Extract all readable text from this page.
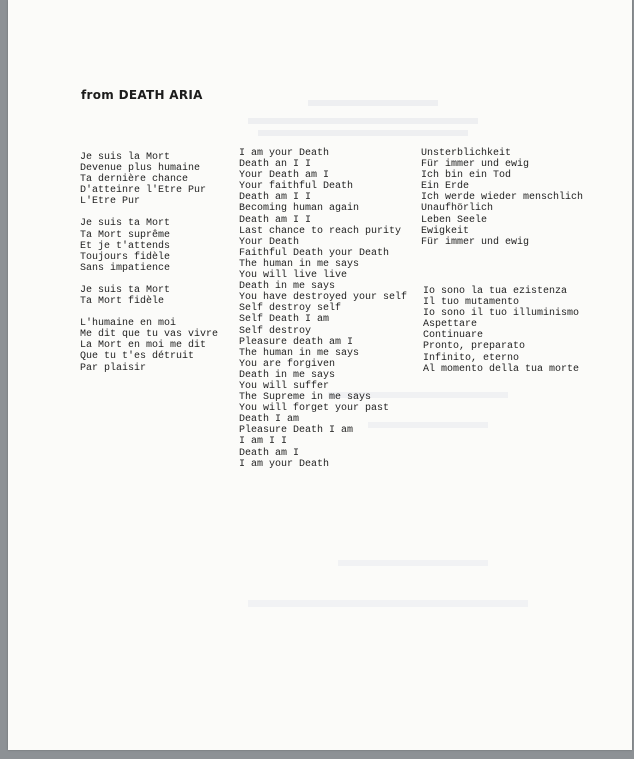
from DEATH ARIA
Je suis la Mort
Devenue plus humaine
Ta dernière chance
D'atteinre l'Etre Pur
L'Etre Pur
Je suis ta Mort
Ta Mort suprême
Et je t'attends
Toujours fidèle
Sans impatience
Je suis ta Mort
Ta Mort fidèle
L'humaine en moi
Me dit que tu vas vivre
La Mort en moi me dit
Que tu t'es détruit
Par plaisir
I am your Death
Death an I I
Your Death am I
Your faithful Death
Death am I I
Becoming human again
Death am I I
Last chance to reach purity
Your Death
Faithful Death your Death
The human in me says
You will live live
Death in me says
You have destroyed your self
Self destroy self
Self Death I am
Self destroy
Pleasure death am I
The human in me says
You are forgiven
Death in me says
You will suffer
The Supreme in me says
You will forget your past
Death I am
Pleasure Death I am
I am I I
Death am I
I am your Death
Unsterblichkeit
Für immer und ewig
Ich bin ein Tod
Ein Erde
Ich werde wieder menschlich
Unaufhörlich
Leben Seele
Ewigkeit
Für immer und ewig
Io sono la tua ezistenza
Il tuo mutamento
Io sono il tuo illuminismo
Aspettare
Continuare
Pronto, preparato
Infinito, eterno
Al momento della tua morte
